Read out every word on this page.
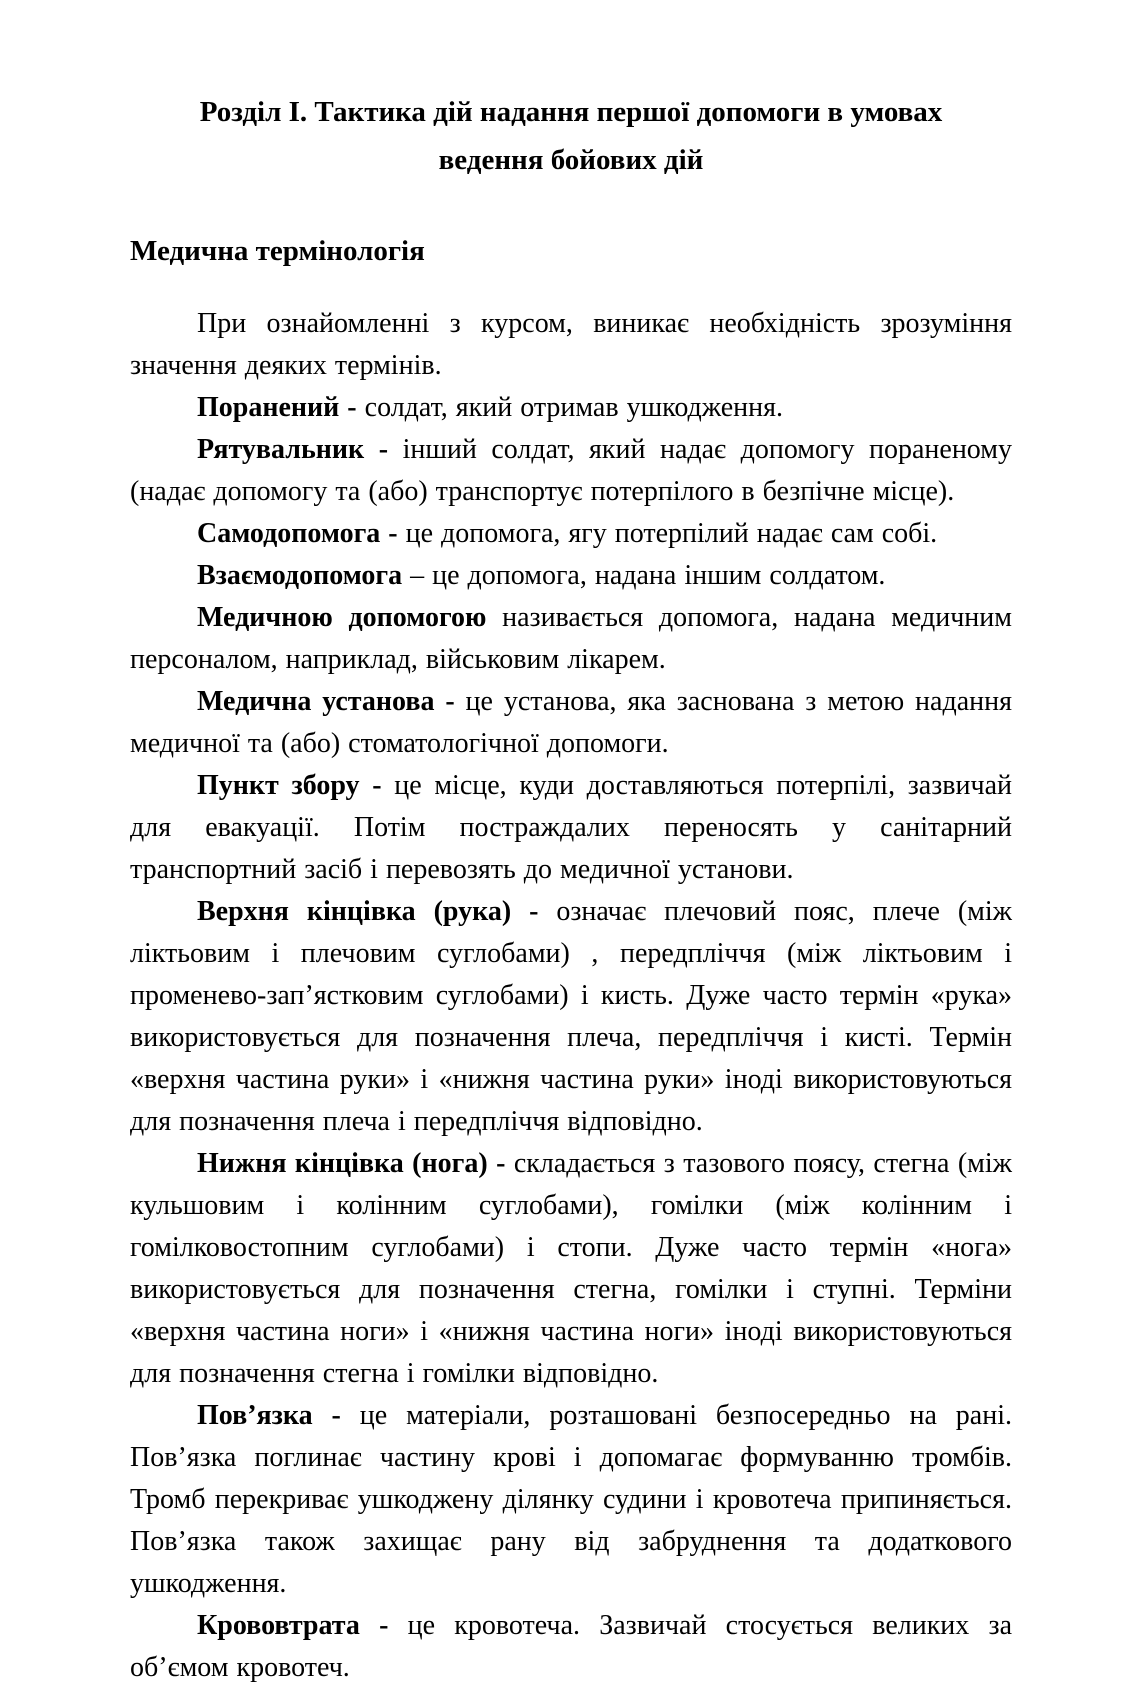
Розділ I. Тактика дій надання першої допомоги в умовах
ведення бойових дій
Медична термінологія

При ознайомленні з курсом, виникає необхідність зрозуміння значення деяких термінів.

Поранений - солдат, який отримав ушкодження.

Рятувальник - інший солдат, який надає допомогу пораненому (надає допомогу та (або) транспортує потерпілого в безпічне місце).

Самодопомога - це допомога, ягу потерпілий надає сам собі.

Взаємодопомога – це допомога, надана іншим солдатом.

Медичною допомогою називається допомога, надана медичним персоналом, наприклад, військовим лікарем.

Медична установа - це установа, яка заснована з метою надання медичної та (або) стоматологічної допомоги.

Пункт збору - це місце, куди доставляються потерпілі, зазвичай для евакуації. Потім постраждалих переносять у санітарний транспортний засіб і перевозять до медичної установи.

Верхня кінцівка (рука) - означає плечовий пояс, плече (між ліктьовим і плечовим суглобами) , передпліччя (між ліктьовим і променево-зап’ястковим суглобами) і кисть. Дуже часто термін «рука» використовується для позначення плеча, передпліччя і кисті. Термін «верхня частина руки» і «нижня частина руки» іноді використовуються для позначення плеча і передпліччя відповідно.

Нижня кінцівка (нога) - складається з тазового поясу, стегна (між кульшовим і колінним суглобами), гомілки (між колінним і гомілковостопним суглобами) і стопи. Дуже часто термін «нога» використовується для позначення стегна, гомілки і ступні. Терміни «верхня частина ноги» і «нижня частина ноги» іноді використовуються для позначення стегна і гомілки відповідно.

Пов’язка - це матеріали, розташовані безпосередньо на рані. Пов’язка поглинає частину крові і допомагає формуванню тромбів. Тромб перекриває ушкоджену ділянку судини і кровотеча припиняється. Пов’язка також захищає рану від забруднення та додаткового ушкодження.

Крововтрата - це кровотеча. Зазвичай стосується великих за об’ємом кровотеч.
